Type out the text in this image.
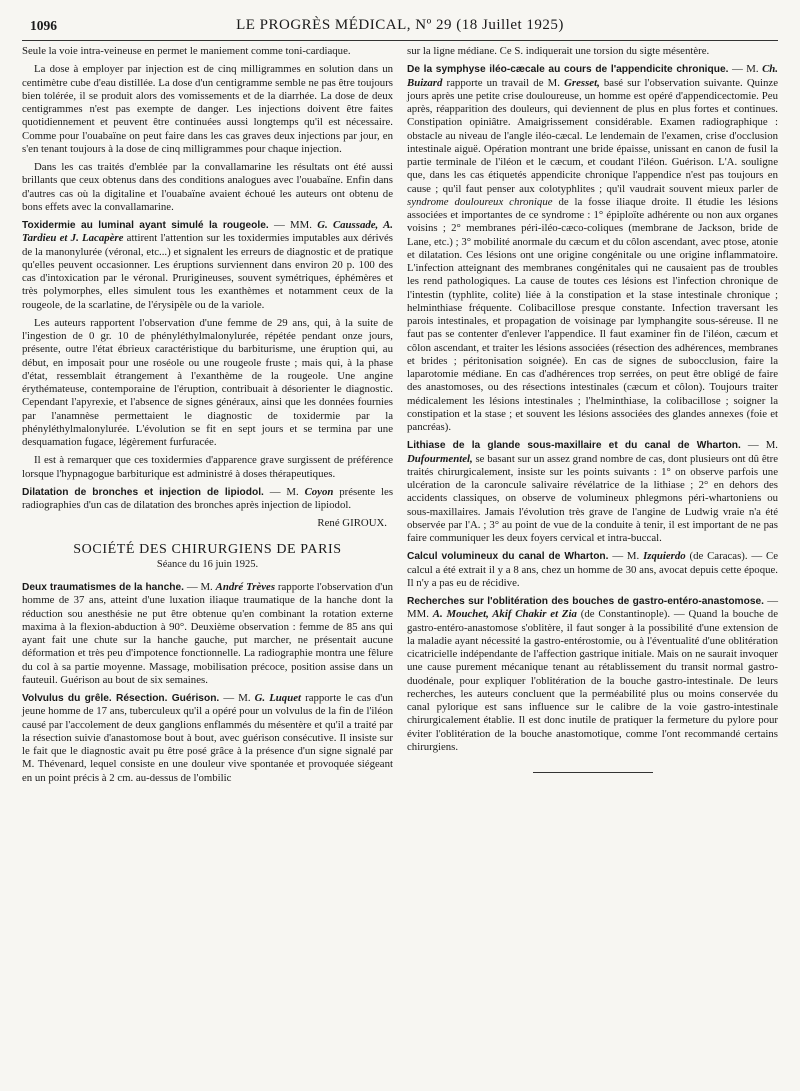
1096	LE PROGRÈS MÉDICAL, Nº 29 (18 Juillet 1925)

Seule la voie intra-veineuse en permet le maniement comme toni-cardiaque.

La dose à employer par injection est de cinq milligrammes en solution dans un centimètre cube d'eau distillée. La dose d'un centigramme semble ne pas être toujours bien tolérée, il se produit alors des vomissements et de la diarrhée. La dose de deux centigrammes n'est pas exempte de danger. Les injections doivent être faites quotidiennement et peuvent être continuées aussi longtemps qu'il est nécessaire. Comme pour l'ouabaïne on peut faire dans les cas graves deux injections par jour, en s'en tenant toujours à la dose de cinq milligrammes pour chaque injection.

Dans les cas traités d'emblée par la convallamarine les résultats ont été aussi brillants que ceux obtenus dans des conditions analogues avec l'ouabaïne. Enfin dans d'autres cas où la digitaline et l'ouabaïne avaient échoué les auteurs ont obtenu de bons effets avec la convallamarine.

Toxidermie au luminal ayant simulé la rougeole. — MM. G. Caussade, A. Tardieu et J. Lacapère attirent l'attention sur les toxidermies imputables aux dérivés de la manonylurée (véronal, etc...) et signalent les erreurs de diagnostic et de pratique qu'elles peuvent occasionner. Les éruptions surviennent dans environ 20 p. 100 des cas d'intoxication par le véronal. Prurigineuses, souvent symétriques, éphémères et très polymorphes, elles simulent tous les exanthèmes et notamment ceux de la rougeole, de la scarlatine, de l'érysipèle ou de la variole.

Les auteurs rapportent l'observation d'une femme de 29 ans, qui, à la suite de l'ingestion de 0 gr. 10 de phényléthylmalonylurée, répétée pendant onze jours, présente, outre l'état ébrieux caractéristique du barbiturisme, une éruption qui, au début, en imposait pour une roséole ou une rougeole fruste ; mais qui, à la phase d'état, ressemblait étrangement à l'exanthème de la rougeole. Une angine érythémateuse, contemporaine de l'éruption, contribuait à désorienter le diagnostic. Cependant l'apyrexie, et l'absence de signes généraux, ainsi que les données fournies par l'anamnèse permettaient le diagnostic de toxidermie par la phényléthylmalonylurée. L'évolution se fit en sept jours et se termina par une desquamation fugace, légèrement furfuracée.

Il est à remarquer que ces toxidermies d'apparence grave surgissent de préférence lorsque l'hypnagogue barbiturique est administré à doses thérapeutiques.

Dilatation de bronches et injection de lipiodol. — M. Coyon présente les radiographies d'un cas de dilatation des bronches après injection de lipiodol.

René GIROUX.
SOCIÉTÉ DES CHIRURGIENS DE PARIS
Séance du 16 juin 1925.

Deux traumatismes de la hanche. — M. André Trèves rapporte l'observation d'un homme de 37 ans, atteint d'une luxation iliaque traumatique de la hanche dont la réduction sou anesthésie ne put être obtenue qu'en combinant la rotation externe maxima à la flexion-abduction à 90°. Deuxième observation : femme de 85 ans qui ayant fait une chute sur la hanche gauche, put marcher, ne présentait aucune déformation et très peu d'impotence fonctionnelle. La radiographie montra une fêlure du col à sa partie moyenne. Massage, mobilisation précoce, position assise dans un fauteuil. Guérison au bout de six semaines.

Volvulus du grêle. Résection. Guérison. — M. G. Luquet rapporte le cas d'un jeune homme de 17 ans, tuberculeux qu'il a opéré pour un volvulus de la fin de l'iléon causé par l'accolement de deux ganglions enflammés du mésentère et qu'il a traité par la résection suivie d'anastomose bout à bout, avec guérison consécutive. Il insiste sur le fait que le diagnostic avait pu être posé grâce à la présence d'un signe signalé par M. Thévenard, lequel consiste en une douleur vive spontanée et provoquée siégeant en un point précis à 2 cm. au-dessus de l'ombilic

sur la ligne médiane. Ce S. indiquerait une torsion du sigte mésentère.

De la symphyse iléo-cæcale au cours de l'appendicite chronique. — M. Ch. Buizard rapporte un travail de M. Gresset, basé sur l'observation suivante. Quinze jours après une petite crise douloureuse, un homme est opéré d'appendicectomie. Peu après, réapparition des douleurs, qui deviennent de plus en plus fortes et continues. Constipation opiniâtre. Amaigrissement considérable. Examen radiographique : obstacle au niveau de l'angle iléo-cæcal. Le lendemain de l'examen, crise d'occlusion intestinale aiguë. Opération montrant une bride épaisse, unissant en canon de fusil la partie terminale de l'iléon et le cæcum, et coudant l'iléon. Guérison. L'A. souligne que, dans les cas étiquetés appendicite chronique l'appendice n'est pas toujours en cause ; qu'il faut penser aux colotyphlites ; qu'il vaudrait souvent mieux parler de syndrome douloureux chronique de la fosse iliaque droite. Il étudie les lésions associées et importantes de ce syndrome : 1° épiploïte adhérente ou non aux organes voisins ; 2° membranes péri-iléo-cæco-coliques (membrane de Jackson, bride de Lane, etc.) ; 3° mobilité anormale du cæcum et du côlon ascendant, avec ptose, atonie et dilatation. Ces lésions ont une origine congénitale ou une origine inflammatoire. L'infection atteignant des membranes congénitales qui ne causaient pas de troubles les rend pathologiques. La cause de toutes ces lésions est l'infection chronique de l'intestin (typhlite, colite) liée à la constipation et la stase intestinale chronique ; helminthiase fréquente. Colibacillose presque constante. Infection traversant les parois intestinales, et propagation de voisinage par lymphangite sous-séreuse. Il ne faut pas se contenter d'enlever l'appendice. Il faut examiner fin de l'iléon, cæcum et côlon ascendant, et traiter les lésions associées (résection des adhérences, membranes et brides ; péritonisation soignée). En cas de signes de subocclusion, faire la laparotomie médiane. En cas d'adhérences trop serrées, on peut être obligé de faire des anastomoses, ou des résections intestinales (cæcum et côlon). Toujours traiter médicalement les lésions intestinales ; l'helminthiase, la colibacillose ; soigner la constipation et la stase ; et souvent les lésions associées des glandes annexes (foie et pancréas).

Lithiase de la glande sous-maxillaire et du canal de Wharton. — M. Dufourmentel, se basant sur un assez grand nombre de cas, dont plusieurs ont dû être traités chirurgicalement, insiste sur les points suivants : 1° on observe parfois une ulcération de la caroncule salivaire révélatrice de la lithiase ; 2° en dehors des accidents classiques, on observe de volumineux phlegmons péri-whartoniens ou sous-maxillaires. Jamais l'évolution très grave de l'angine de Ludwig vraie n'a été observée par l'A. ; 3° au point de vue de la conduite à tenir, il est important de ne pas faire communiquer les deux foyers cervical et intra-buccal.

Calcul volumineux du canal de Wharton. — M. Izquierdo (de Caracas). — Ce calcul a été extrait il y a 8 ans, chez un homme de 30 ans, avocat depuis cette époque. Il n'y a pas eu de récidive.

Recherches sur l'oblitération des bouches de gastro-entéro-anastomose. — MM. A. Mouchet, Akif Chakir et Zia (de Constantinople). — Quand la bouche de gastro-entéro-anastomose s'oblitère, il faut songer à la possibilité d'une extension de la maladie ayant nécessité la gastro-entérostomie, ou à l'éventualité d'une oblitération cicatricielle indépendante de l'affection gastrique initiale. Mais on ne saurait invoquer une cause purement mécanique tenant au rétablissement du transit normal gastro-duodénale, pour expliquer l'oblitération de la bouche gastro-intestinale. De leurs recherches, les auteurs concluent que la perméabilité plus ou moins conservée du canal pylorique est sans influence sur le calibre de la voie gastro-intestinale chirurgicalement établie. Il est donc inutile de pratiquer la fermeture du pylore pour éviter l'oblitération de la bouche anastomotique, comme l'ont recommandé certains chirurgiens.
